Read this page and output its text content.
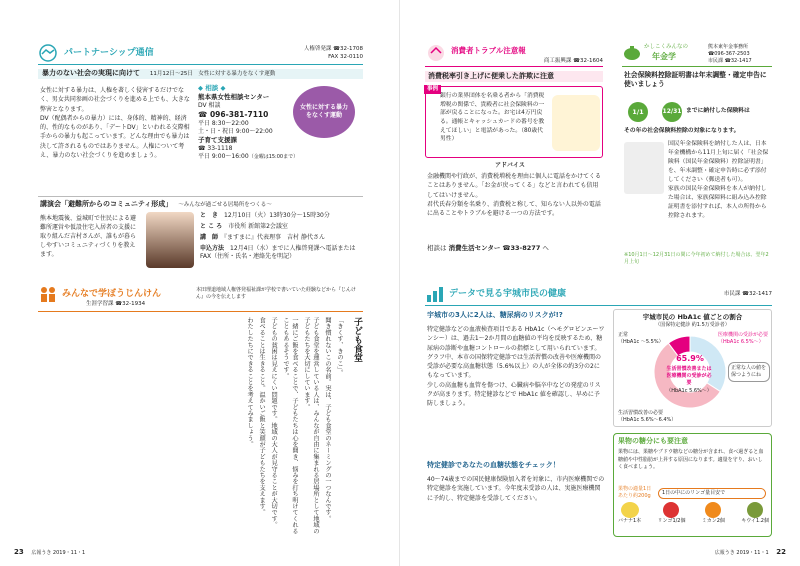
パートナーシップ通信	人権啓発課 ☎32-1708
FAX 32-0110
暴力のない社会の実現に向けて 11月12日～25日　女性に対する暴力をなくす運動
女性に対する暴力は、人権を著しく侵害するだけでなく、男女共同参画の社会づくりを進める上でも、大きな弊害となります。
DV（配偶者からの暴力）には、身体的、精神的、経済的、性的なものがあり、「デートDV」といわれる交際相手からの暴力も起こっています。どんな理由でも暴力は決して許されるものではありません。人権について考え、暴力のない社会づくりを進めましょう。
◆ 相談 ◆
熊本県女性相談センター
DV 相談
☎ 096-381-7110
平日 8:30～22:00
土・日・祝日 9:00～22:00
子育て支援課
☎ 33-1118
平日 9:00～16:00（金曜は15:00まで）
女性に対する暴力をなくす運動
講演会「避難所からのコミュニティ形成」 ～みんなが過ごせる居場所をつくる～
熊本地震後、益城町で住民による避難所運営や仮設住宅入居者の支援に取り組んだ吉村さんが、誰もが暮らしやすいコミュニティづくりを教えます。
と　き　 12月10日（火）13時30分～15時30分
と こ ろ　 市役所 新館第2会議室
講　師　 『ますまに』代表理事　吉村 静代さん
申込方法　 12月4日（水）までに人権啓発課へ電話またはFAX（住所・氏名・連絡先を明記）
みんなで学ぼうじんけん
生涯学習課 ☎32-1934
本田理道地域人権啓発福祉課が学校で書いていた経験などから『じんけん』の今を伝えします
子ども食堂
「きくす、きのこ」。
聞き慣れないこの名前。実は、子ども食堂のネーミングの一つなんです。
子ども食堂を運営している人は、みんなが自由に集まれる居場所として地域の子どもたちを大切にしています。
一緒にご飯を食べることで、子どもたちは心を開き、悩みを打ち明けてくれることもあるそうです。
子どもの貧困は見えにくい問題です。地域の大人が見守ることが大切です。
食べることは生きること。温かいご飯と笑顔が子どもたちを支えます。
わたしたちにできることを考えてみましょう。
消費者トラブル注意報
商工振興課 ☎32-1604
消費税率引き上げに便乗した詐欺に注意
事例
銀行の業界団体を名乗る者から「消費税増税の関係で、貴殿者に社会保険料の一部が戻ることになった。お宅は4万円戻る。通帳とキャッシュカードの番号を教えてほしい」と電話があった。（80歳代 男性）
アドバイス
金融機関や行政が、消費税増税を理由に個人に電話をかけてくることはありません。「お金が戻ってくる」などと言われても信用してはいけません。
君代氏春分類を名乗り、消費税と称して、知らない人以外の電話に出ることやトラブルを避ける一つの方法です。
相談は 消費生活センター ☎33-8277 へ
かしこくみんなの
年金学
熊本東年金事務所
☎096-367-2503
市民課 ☎32-1417
社会保険料控除証明書は年末調整・確定申告に使いましょう
1/1	12/31 までに納付した保険料は
その年の社会保険料控除の対象になります。
国民年金保険料を納付した人は、日本年金機構から11月上旬に届く「社会保険料（国民年金保険料）控除証明書」を、年末調整・確定申告時に必ず添付してください（郵送者も可）。
家族の国民年金保険料を本人が納付した場合は、家族保障料に組み込み控除証明書を添付すれば、本人の所得から控除されます。
※10月1日～12月31日の間に今年初めて納付した場合は、翌年2月上旬
データで見る宇城市民の健康	市民課 ☎32-1417
宇城市の3人に2人は、糖尿病のリスクが!?
特定健診などの血液検査項目である HbA1c（ヘモグロビンエーワンシー）は、過去1～2か月間の血糖値の平均を反映するため、糖尿病の診断や血糖コントロールの指標として用いられています。
グラフ中、本市の国保特定健診では生活習慣の改善や医療機関の受診が必要な高血糖状態（5.6%以上）の人が全体の約3分の2にもなっています。
少しの高血糖も血管を傷つけ、心臓病や脳卒中などの発症のリスクが高まります。特定健診などで HbA1c 値を確認し、早めに予防しましょう。
特定健診であなたの血糖状態をチェック！
40～74歳までの国民健康保険加入者を対象に、市内医療機関での特定健診を実施しています。今年度未受診の人は、実施医療機関に予約し、特定健診を受診してください。
宇城市民の HbA1c 値ごとの割合
（国保特定健診 約1.5万受診者）
65.9%
生活習慣改善または医療機関の受診が必要
（HbA1c 5.6%～）
正常
（HbA1c ～5.5%）
医療機関の受診が必要
（HbA1c 6.5%～）
生活習慣改善の必要
（HbA1c 5.6%～6.4%）
正常な人の値を保つようにね
果物の糖分にも要注意
果物には、果糖やブドウ糖などの糖分が含まれ、食べ過ぎると血糖値や中性脂肪が上昇する原因になります。適量を守り、おいしく食べましょう。
果物の適量1日あたり約200g	1日の中にのリンゴ量目安で
バナナ1本	リンゴ1/2個	ミカン2個	キウイ1.2個
23 広報うき 2019・11・1	広報うき 2019・11・1 22
